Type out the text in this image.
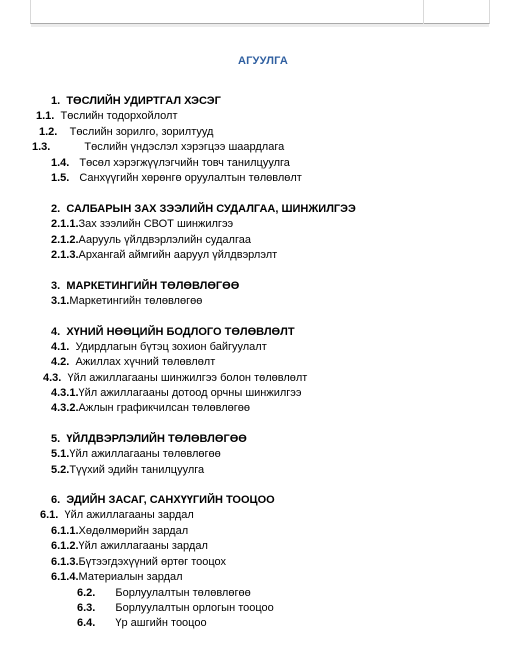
АГУУЛГА
1. ТӨСЛИЙН УДИРТГАЛ ХЭСЭГ
1.1. Төслийн тодорхойлолт
1.2. Төслийн зорилго, зорилтууд
1.3.	Төслийн үндэслэл хэрэгцээ шаардлага
1.4. Төсөл хэрэгжүүлэгчийн товч танилцуулга
1.5. Санхүүгийн хөрөнгө оруулалтын төлөвлөлт
2. САЛБАРЫН ЗАХ ЗЭЭЛИЙН СУДАЛГАА, ШИНЖИЛГЭЭ
2.1.1.Зах зээлийн СВОТ шинжилгээ
2.1.2.Аарууль үйлдвэрлэлийн судалгаа
2.1.3.Архангай аймгийн ааруул үйлдвэрлэлт
3. МАРКЕТИНГИЙН ТӨЛӨВЛӨГӨӨ
3.1.Маркетингийн төлөвлөгөө
4. ХҮНИЙ НӨӨЦИЙН БОДЛОГО ТӨЛӨВЛӨЛТ
4.1. Удирдлагын бүтэц зохион байгуулалт
4.2. Ажиллах хүчний төлөвлөлт
4.3. Үйл ажиллагааны шинжилгээ болон төлөвлөлт
4.3.1.Үйл ажиллагааны дотоод орчны шинжилгээ
4.3.2.Ажлын графикчилсан төлөвлөгөө
5. ҮЙЛДВЭРЛЭЛИЙН ТӨЛӨВЛӨГӨӨ
5.1.Үйл ажиллагааны төлөвлөгөө
5.2.Түүхий эдийн танилцуулга
6. ЭДИЙН ЗАСАГ, САНХҮҮГИЙН ТООЦОО
6.1. Үйл ажиллагааны зардал
6.1.1.Хөдөлмөрийн зардал
6.1.2.Үйл ажиллагааны зардал
6.1.3.Бүтээгдэхүүний өртөг тооцох
6.1.4.Материалын зардал
6.2. Борлуулалтын төлөвлөгөө
6.3. Борлуулалтын орлогын тооцоо
6.4. Үр ашгийн тооцоо
